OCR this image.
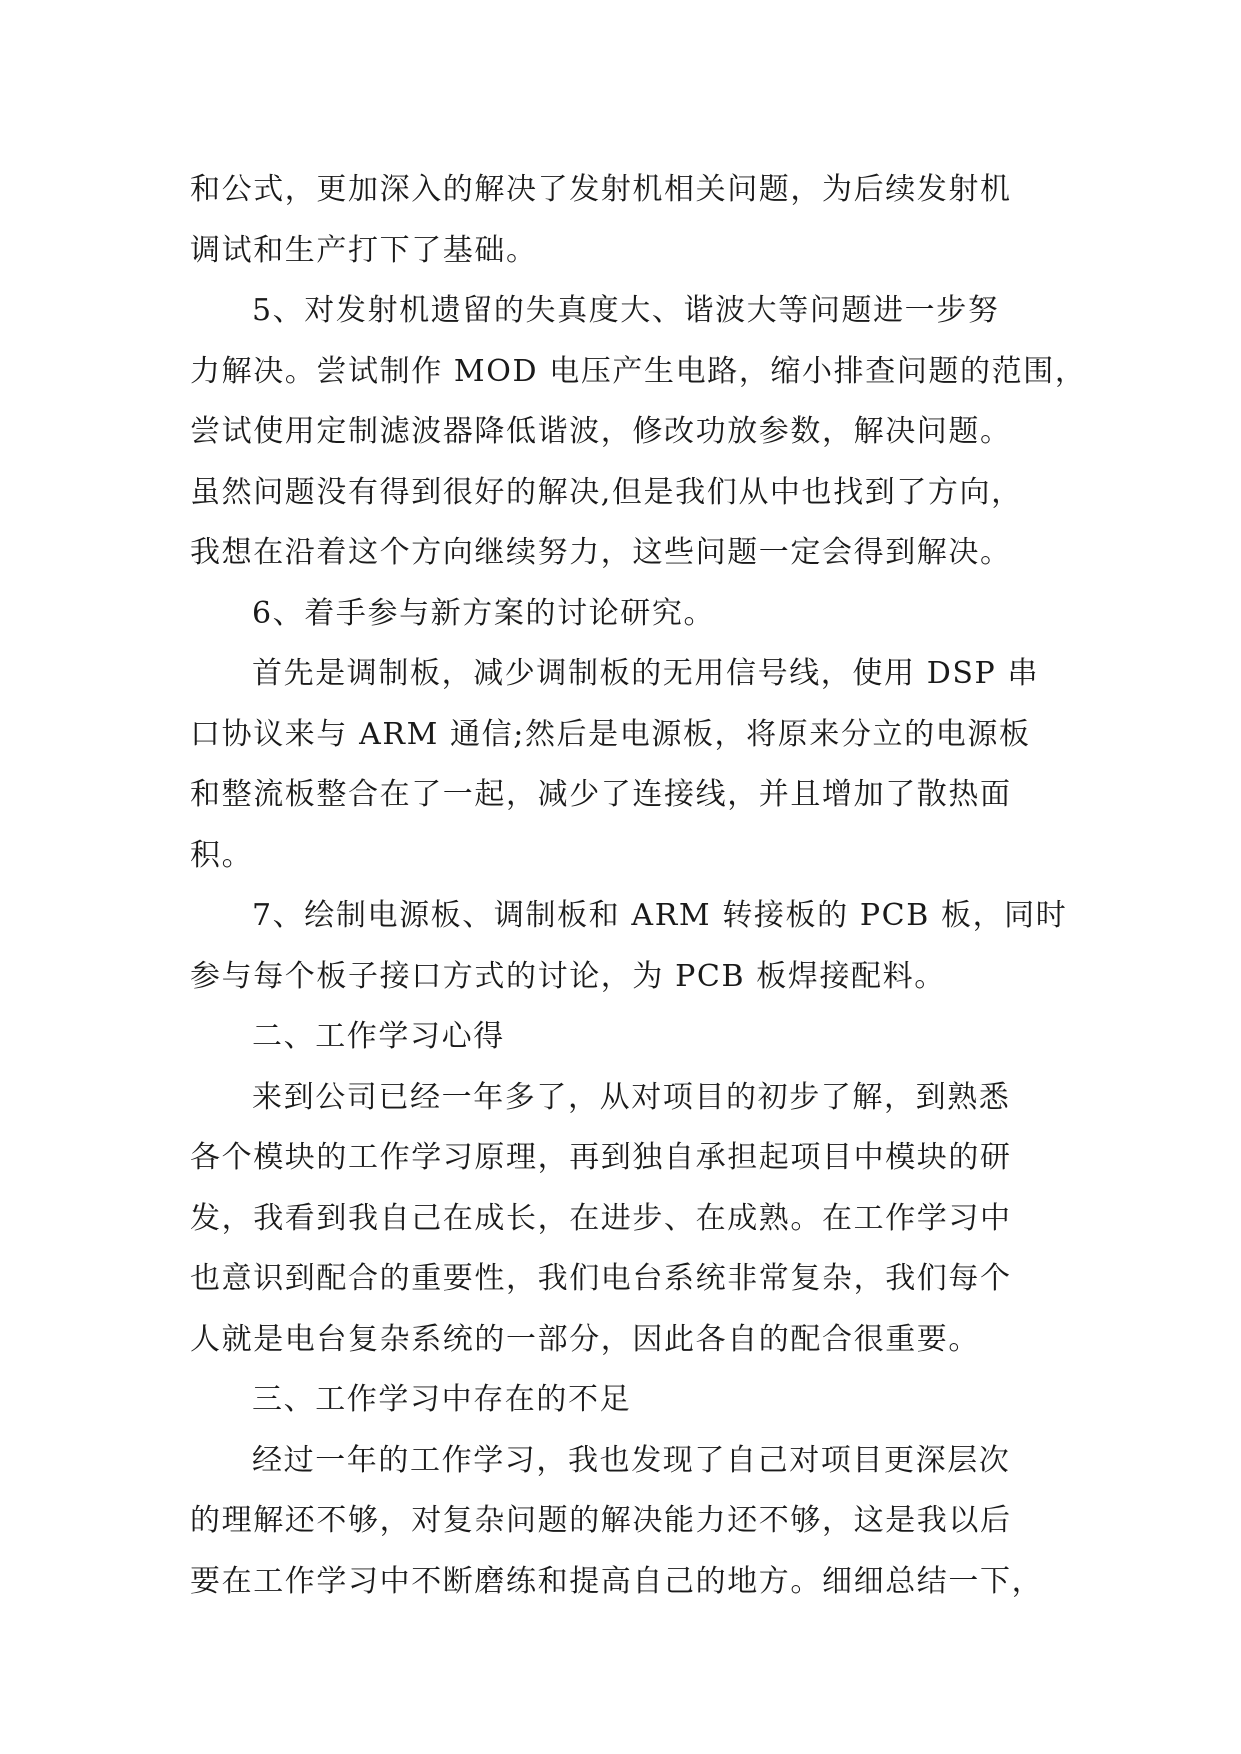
和公式，更加深入的解决了发射机相关问题，为后续发射机
调试和生产打下了基础。
5、对发射机遗留的失真度大、谐波大等问题进一步努
力解决。尝试制作 MOD 电压产生电路，缩小排查问题的范围，
尝试使用定制滤波器降低谐波，修改功放参数，解决问题。
虽然问题没有得到很好的解决,但是我们从中也找到了方向，
我想在沿着这个方向继续努力，这些问题一定会得到解决。
6、着手参与新方案的讨论研究。
首先是调制板，减少调制板的无用信号线，使用 DSP 串
口协议来与 ARM 通信;然后是电源板，将原来分立的电源板
和整流板整合在了一起，减少了连接线，并且增加了散热面
积。
7、绘制电源板、调制板和 ARM 转接板的 PCB 板，同时
参与每个板子接口方式的讨论，为 PCB 板焊接配料。
二、工作学习心得
来到公司已经一年多了，从对项目的初步了解，到熟悉
各个模块的工作学习原理，再到独自承担起项目中模块的研
发，我看到我自己在成长，在进步、在成熟。在工作学习中
也意识到配合的重要性，我们电台系统非常复杂，我们每个
人就是电台复杂系统的一部分，因此各自的配合很重要。
三、工作学习中存在的不足
经过一年的工作学习，我也发现了自己对项目更深层次
的理解还不够，对复杂问题的解决能力还不够，这是我以后
要在工作学习中不断磨练和提高自己的地方。细细总结一下，
